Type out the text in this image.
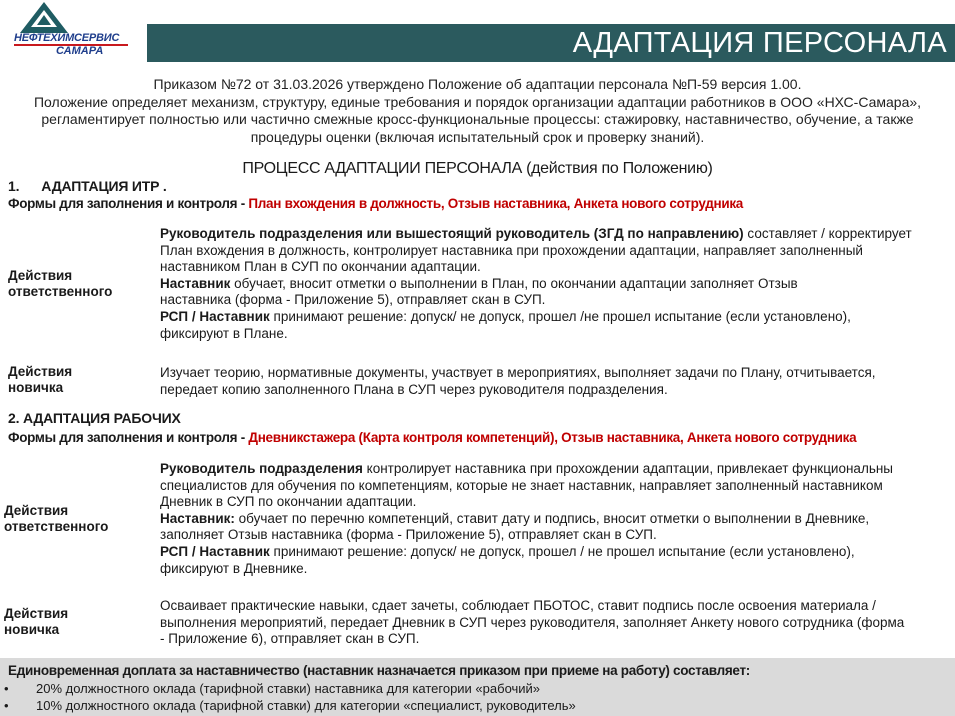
НЕФТЕХИМСЕРВИС
САМАРА	АДАПТАЦИЯ ПЕРСОНАЛА

Приказом №72 от 31.03.2026 утверждено Положение об адаптации персонала №П-59 версия 1.00.

Положение определяет механизм, структуру, единые требования и порядок организации адаптации работников в ООО «НХС-Самара»,

регламентирует полностью или частично смежные кросс-функциональные процессы: стажировку, наставничество, обучение, а также

процедуры оценки (включая испытательный срок и проверку знаний).

ПРОЦЕСС АДАПТАЦИИ ПЕРСОНАЛА (действия по Положению)
1. АДАПТАЦИЯ ИТР .
Формы для заполнения и контроля - План вхождения в должность, Отзыв наставника, Анкета нового сотрудника
Действия
ответственного

Руководитель подразделения или вышестоящий руководитель (ЗГД по направлению) составляет / корректирует

План вхождения в должность, контролирует наставника при прохождении адаптации, направляет заполненный

наставником План в СУП по окончании адаптации.

Наставник обучает, вносит отметки о выполнении в План, по окончании адаптации заполняет Отзыв

наставника (форма - Приложение 5), отправляет скан в СУП.

РСП / Наставник принимают решение: допуск/ не допуск, прошел /не прошел испытание (если установлено),

фиксируют в Плане.

Действия
новичка

Изучает теорию, нормативные документы, участвует в мероприятиях, выполняет задачи по Плану, отчитывается,

передает копию заполненного Плана в СУП через руководителя подразделения.

2. АДАПТАЦИЯ РАБОЧИХ
Формы для заполнения и контроля - Дневникстажера (Карта контроля компетенций), Отзыв наставника, Анкета нового сотрудника
Действия
ответственного

Руководитель подразделения контролирует наставника при прохождении адаптации, привлекает функциональны

специалистов для обучения по компетенциям, которые не знает наставник, направляет заполненный наставником

Дневник в СУП по окончании адаптации.

Наставник: обучает по перечню компетенций, ставит дату и подпись, вносит отметки о выполнении в Дневнике,

заполняет Отзыв наставника (форма - Приложение 5), отправляет скан в СУП.

РСП / Наставник принимают решение: допуск/ не допуск, прошел / не прошел испытание (если установлено),

фиксируют в Дневнике.

Действия
новичка

Осваивает практические навыки, сдает зачеты, соблюдает ПБОТОС, ставит подпись после освоения материала /

выполнения мероприятий, передает Дневник в СУП через руководителя, заполняет Анкету нового сотрудника (форма

- Приложение 6), отправляет скан в СУП.

Единовременная доплата за наставничество (наставник назначается приказом при приеме на работу) составляет:
• 20% должностного оклада (тарифной ставки) наставника для категории «рабочий»
• 10% должностного оклада (тарифной ставки) для категории «специалист, руководитель»
